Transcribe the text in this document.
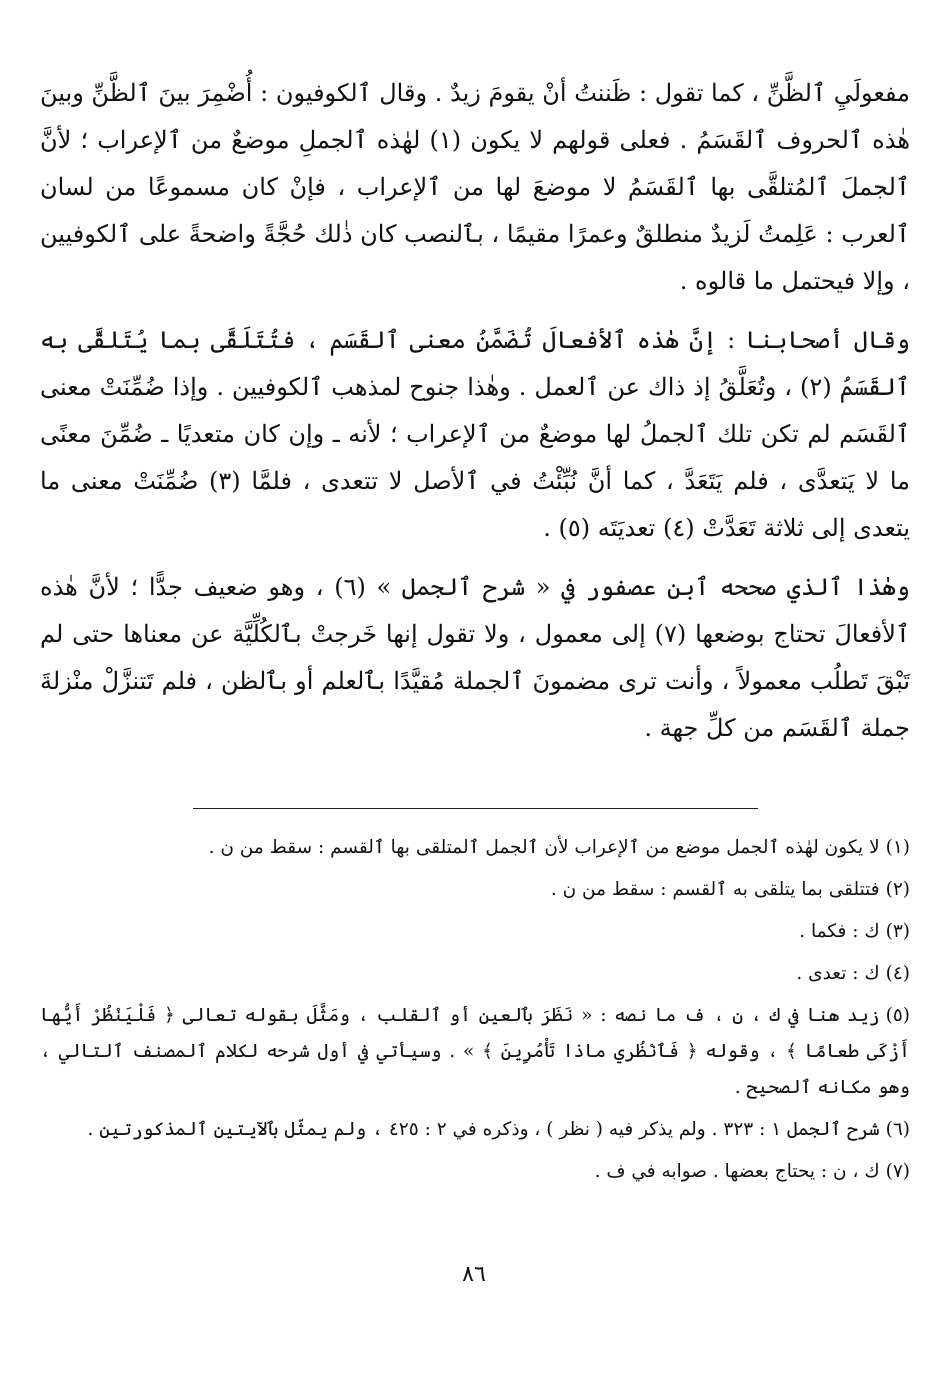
مفعولَيِ ٱلظَّنِّ ، كما تقول : ظَننتُ أنْ يقومَ زيدٌ . وقال ٱلكوفيون : أُضْمِرَ بينَ ٱلظَّنِّ وبينَ هٰذه ٱلحروف ٱلقَسَمُ . فعلى قولهم لا يكون (١) لهٰذه ٱلجملِ موضعٌ من ٱلإعراب ؛ لأنَّ ٱلجملَ ٱلمُتلقَّى بها ٱلقَسَمُ لا موضعَ لها من ٱلإعراب ، فإنْ كان مسموعًا من لسان ٱلعرب : عَلِمتُ لَزيدٌ منطلقٌ وعمرًا مقيمًا ، بٱلنصب كان ذٰلك حُجَّةً واضحةً على ٱلكوفيين ، وإلا فيحتمل ما قالوه .

وقال أصحابنا : إنَّ هٰذه ٱلأفعالَ تُضَمَّنُ معنى ٱلقَسَم ، فتُتَلَقَّى بما يُتَلقَّى به ٱلقَسَمُ (٢) ، وتُعَلَّقُ إذ ذاك عن ٱلعمل . وهٰذا جنوح لمذهب ٱلكوفيين . وإذا ضُمِّنَتْ معنى ٱلقَسَم لم تكن تلك ٱلجملُ لها موضعٌ من ٱلإعراب ؛ لأنه ـ وإن كان متعديًا ـ ضُمِّنَ معنًى ما لا يَتعدَّى ، فلم يَتَعَدَّ ، كما أنَّ نُبِّئْتُ في ٱلأصل لا تتعدى ، فلمَّا (٣) ضُمِّنَتْ معنى ما يتعدى إلى ثلاثة تَعَدَّتْ (٤) تعديَتَه (٥) .

وهٰذا ٱلذي صححه ٱبن عصفور في « شرح ٱلجمل » (٦) ، وهو ضعيف جدًّا ؛ لأنَّ هٰذه ٱلأفعالَ تحتاج بوضعها (٧) إلى معمول ، ولا تقول إنها خَرجتْ بٱلكُلِّيَّة عن معناها حتى لم تَبْقَ تَطلُب معمولاً ، وأنت ترى مضمونَ ٱلجملة مُقيَّدًا بٱلعلم أو بٱلظن ، فلم تَتنزَّلْ منْزلةَ جملة ٱلقَسَم من كلِّ جهة .

(١)لا يكون لهٰذه ٱلجمل موضع من ٱلإعراب لأن ٱلجمل ٱلمتلقى بها ٱلقسم : سقط من ن .

(٢)فتتلقى بما يتلقى به ٱلقسم : سقط من ن .

(٣)ك : فكما .

(٤)ك : تعدى .

(٥)زيد هنا في ك ، ن ، ف ما نصه : « نَظَرَ بٱلعين أو ٱلقلب ، ومَثَّلَ بقوله تعالى ﴿ فَلْيَنْظُرْ أَيُّها أَزْكَى طعامًا ﴾ ، وقوله ﴿ فَٱنْظُري ماذا تَأْمُرِينَ ﴾ » . وسيأتي في أول شرحه لكلام ٱلمصنف ٱلتالي ، وهو مكانه ٱلصحيح .

(٦)شرح ٱلجمل ١ : ٣٢٣ . ولم يذكر فيه ( نظر ) ، وذكره في ٢ : ٤٢٥ ، ولم يمثّل بٱلآيتين ٱلمذكورتين .

(٧)ك ، ن : يحتاج بعضها . صوابه في ف .

٨٦
